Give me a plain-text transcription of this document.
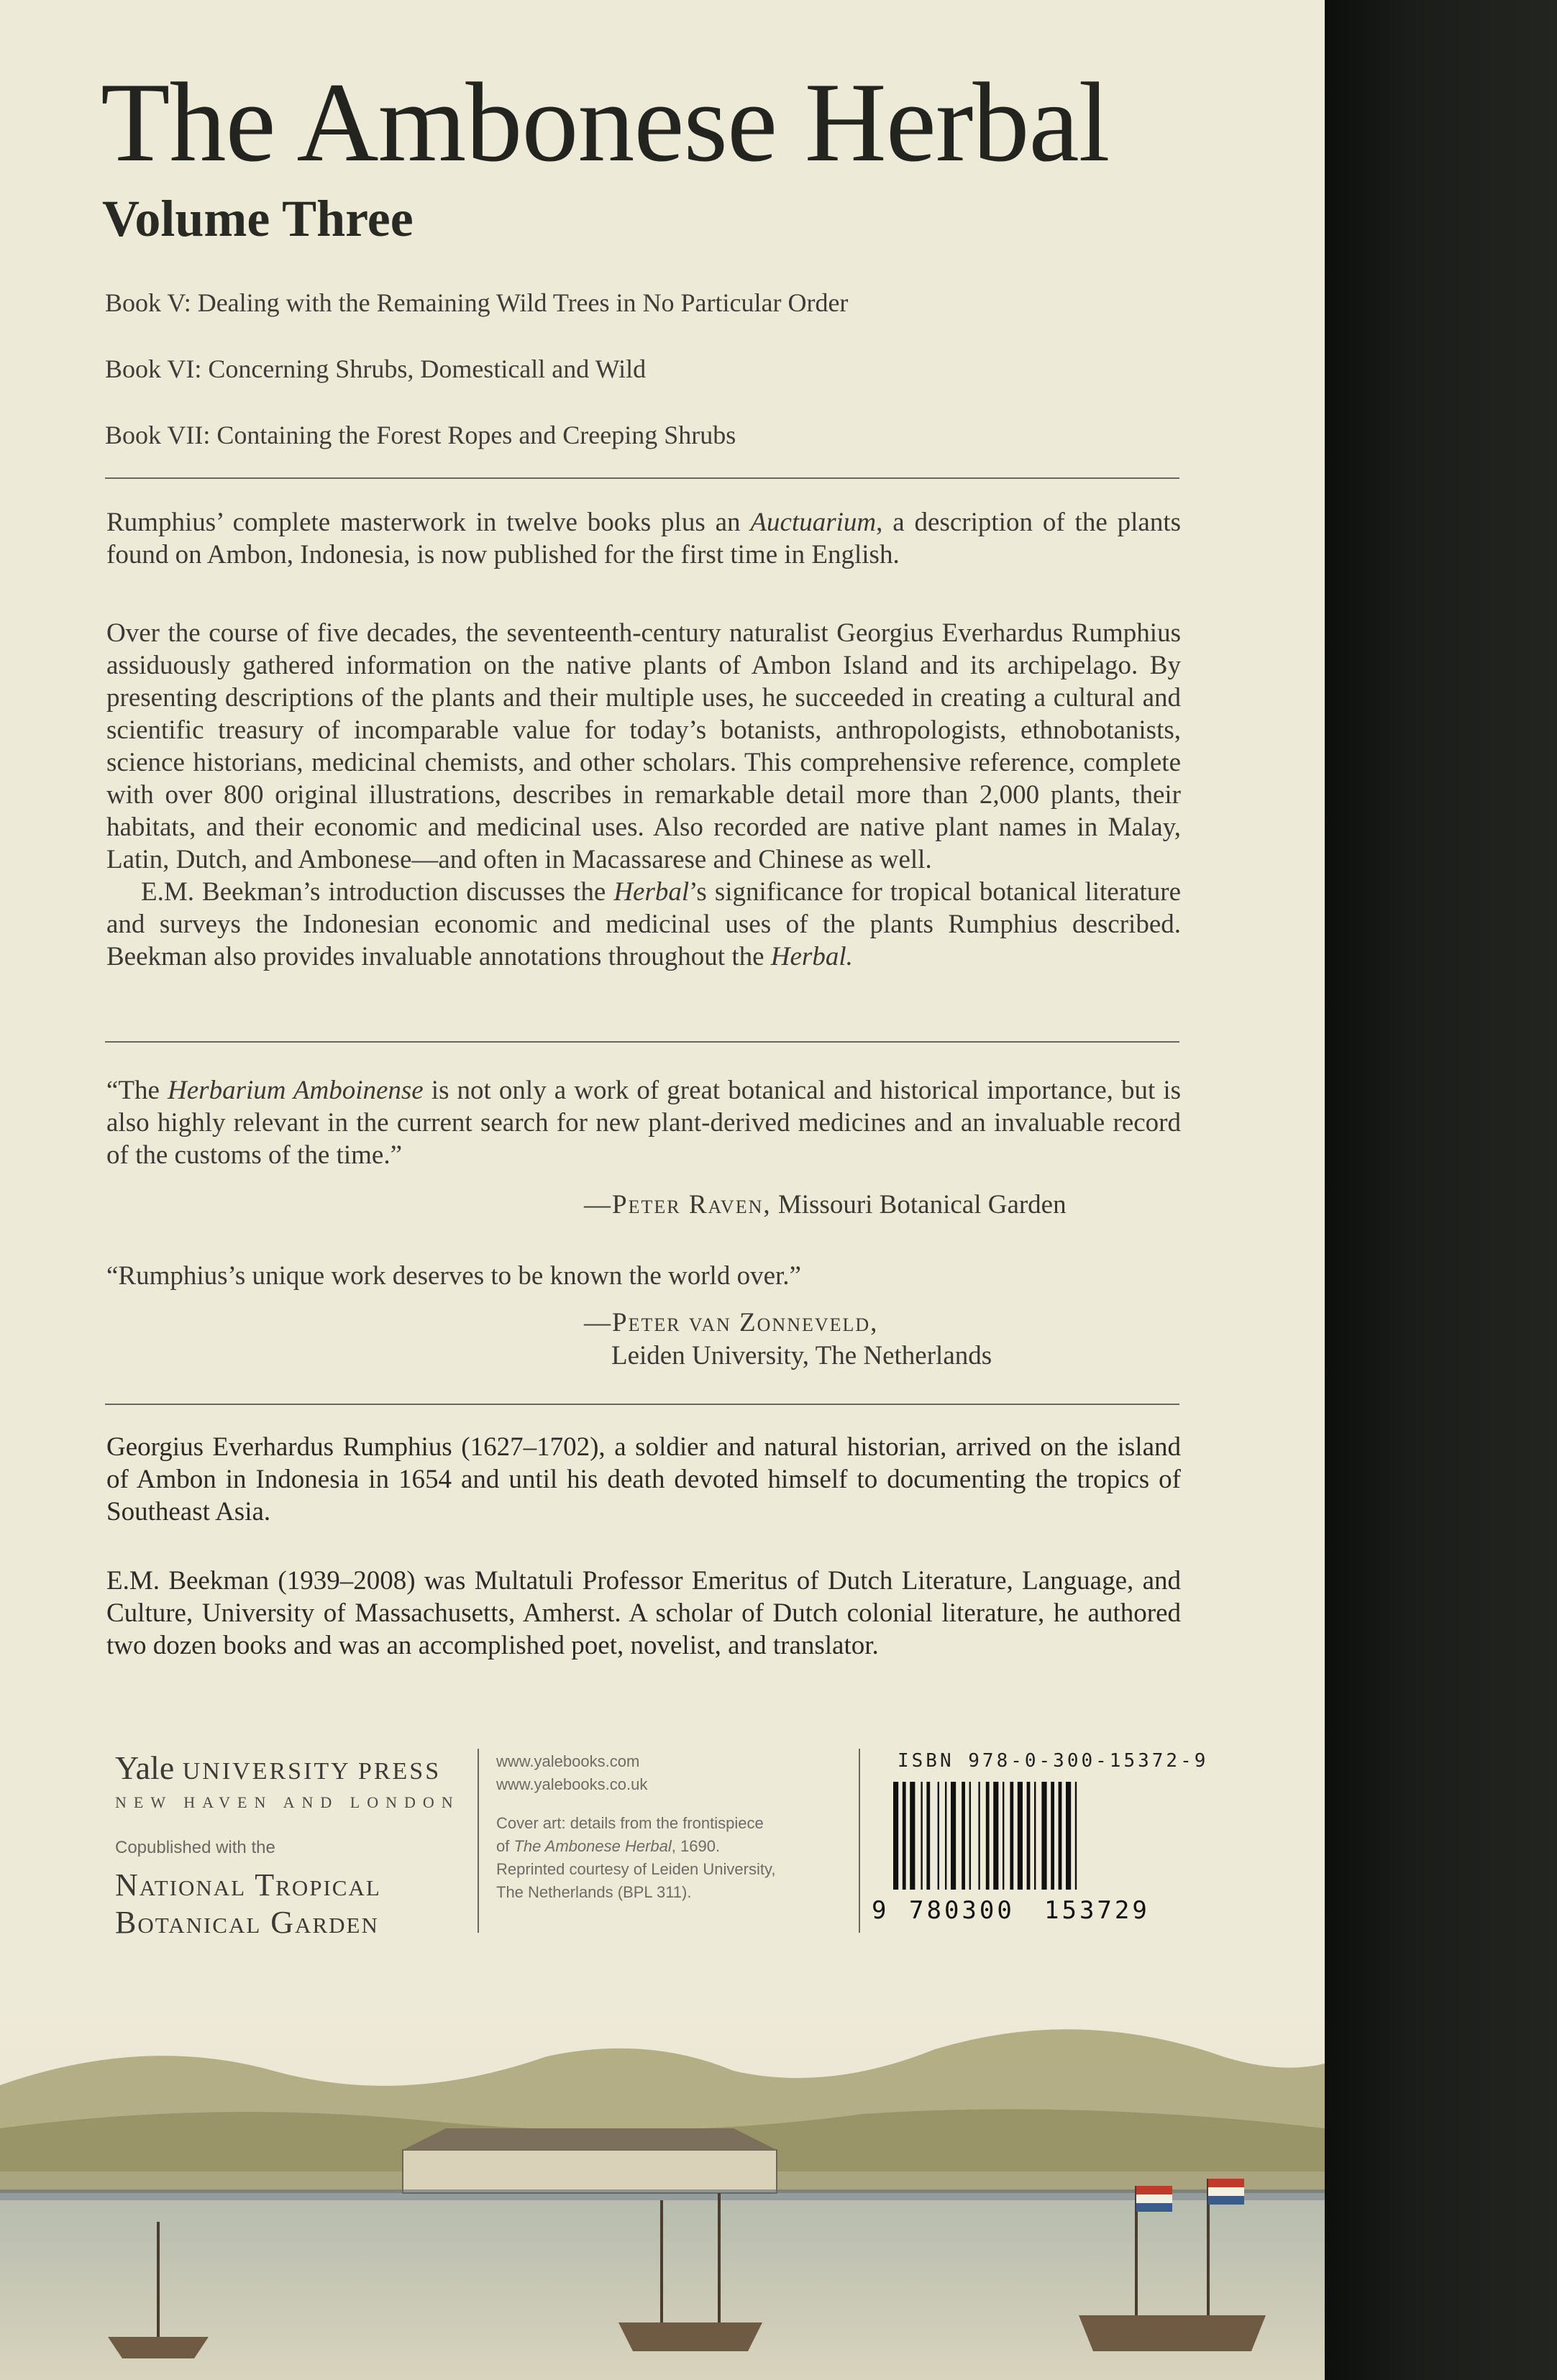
The Ambonese Herbal
Volume Three
Book V: Dealing with the Remaining Wild Trees in No Particular Order
Book VI: Concerning Shrubs, Domesticall and Wild
Book VII: Containing the Forest Ropes and Creeping Shrubs

Rumphius’ complete masterwork in twelve books plus an Auctuarium, a description of the plants found on Ambon, Indonesia, is now published for the first time in English.

Over the course of five decades, the seventeenth-century naturalist Georgius Everhardus Rumphius assiduously gathered information on the native plants of Ambon Island and its archipelago. By presenting descriptions of the plants and their multiple uses, he succeeded in creating a cultural and scientific treasury of incomparable value for today’s botanists, anthropologists, ethnobotanists, science historians, medicinal chemists, and other scholars. This comprehensive reference, complete with over 800 original illustrations, describes in remarkable detail more than 2,000 plants, their habitats, and their economic and medicinal uses. Also recorded are native plant names in Malay, Latin, Dutch, and Ambonese—and often in Macassarese and Chinese as well.
E.M. Beekman’s introduction discusses the Herbal’s significance for tropical botanical literature and surveys the Indonesian economic and medicinal uses of the plants Rumphius described. Beekman also provides invaluable annotations throughout the Herbal.

“The Herbarium Amboinense is not only a work of great botanical and historical importance, but is also highly relevant in the current search for new plant-derived medicines and an invaluable record of the customs of the time.”

—Peter Raven, Missouri Botanical Garden

“Rumphius’s unique work deserves to be known the world over.”

—Peter van Zonneveld,
Leiden University, The Netherlands

Georgius Everhardus Rumphius (1627–1702), a soldier and natural historian, arrived on the island of Ambon in Indonesia in 1654 and until his death devoted himself to documenting the tropics of Southeast Asia.

E.M. Beekman (1939–2008) was Multatuli Professor Emeritus of Dutch Literature, Language, and Culture, University of Massachusetts, Amherst. A scholar of Dutch colonial literature, he authored two dozen books and was an accomplished poet, novelist, and translator.

Yale UNIVERSITY PRESS
NEW HAVEN AND LONDON
Copublished with the
National Tropical
Botanical Garden
www.yalebooks.com
www.yalebooks.co.uk
Cover art: details from the frontispiece
of The Ambonese Herbal, 1690.
Reprinted courtesy of Leiden University,
The Netherlands (BPL 311).
ISBN 978-0-300-15372-9
9 780300 153729
